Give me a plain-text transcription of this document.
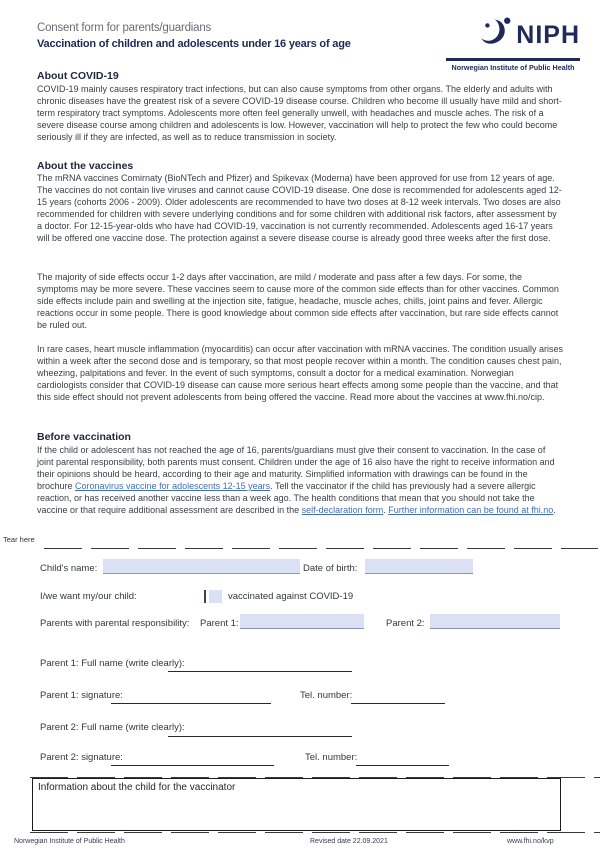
Consent form for parents/guardians
Vaccination of children and adolescents under 16 years of age	NIPH
Norwegian Institute of Public Health
About COVID-19
COVID-19 mainly causes respiratory tract infections, but can also cause symptoms from other organs. The elderly and adults with chronic diseases have the greatest risk of a severe COVID-19 disease course. Children who become ill usually have mild and short-term respiratory tract symptoms. Adolescents more often feel generally unwell, with headaches and muscle aches. The risk of a severe disease course among children and adolescents is low. However, vaccination will help to protect the few who could become seriously ill if they are infected, as well as to reduce transmission in society.
About the vaccines
The mRNA vaccines Comirnaty (BioNTech and Pfizer) and Spikevax (Moderna) have been approved for use from 12 years of age. The vaccines do not contain live viruses and cannot cause COVID-19 disease. One dose is recommended for adolescents aged 12-15 years (cohorts 2006 - 2009). Older adolescents are recommended to have two doses at 8-12 week intervals. Two doses are also recommended for children with severe underlying conditions and for some children with additional risk factors, after assessment by a doctor. For 12-15-year-olds who have had COVID-19, vaccination is not currently recommended. Adolescents aged 16-17 years will be offered one vaccine dose. The protection against a severe disease course is already good three weeks after the first dose.
The majority of side effects occur 1-2 days after vaccination, are mild / moderate and pass after a few days. For some, the symptoms may be more severe. These vaccines seem to cause more of the common side effects than for other vaccines. Common side effects include pain and swelling at the injection site, fatigue, headache, muscle aches, chills, joint pains and fever. Allergic reactions occur in some people. There is good knowledge about common side effects after vaccination, but rare side effects cannot be ruled out.
In rare cases, heart muscle inflammation (myocarditis) can occur after vaccination with mRNA vaccines. The condition usually arises within a week after the second dose and is temporary, so that most people recover within a month. The condition causes chest pain, wheezing, palpitations and fever. In the event of such symptoms, consult a doctor for a medical examination. Norwegian cardiologists consider that COVID-19 disease can cause more serious heart effects among some people than the vaccine, and that this side effect should not prevent adolescents from being offered the vaccine. Read more about the vaccines at www.fhi.no/cip.
Before vaccination
If the child or adolescent has not reached the age of 16, parents/guardians must give their consent to vaccination. In the case of joint parental responsibility, both parents must consent. Children under the age of 16 also have the right to receive information and their opinions should be heard, according to their age and maturity. Simplified information with drawings can be found in the brochure Coronavirus vaccine for adolescents 12-15 years. Tell the vaccinator if the child has previously had a severe allergic reaction, or has received another vaccine less than a week ago. The health conditions that mean that you should not take the vaccine or that require additional assessment are described in the self-declaration form. Further information can be found at fhi.no.
Tear here
Child's name:	Date of birth:
I/we want my/our child:	vaccinated against COVID-19
Parents with parental responsibility: Parent 1:	Parent 2:
Parent 1: Full name (write clearly):
Parent 1: signature:	Tel. number:
Parent 2: Full name (write clearly):
Parent 2: signature:	Tel. number:
Information about the child for the vaccinator
Norwegian Institute of Public Health	Revised date 22.09.2021	www.fhi.no/kvp
